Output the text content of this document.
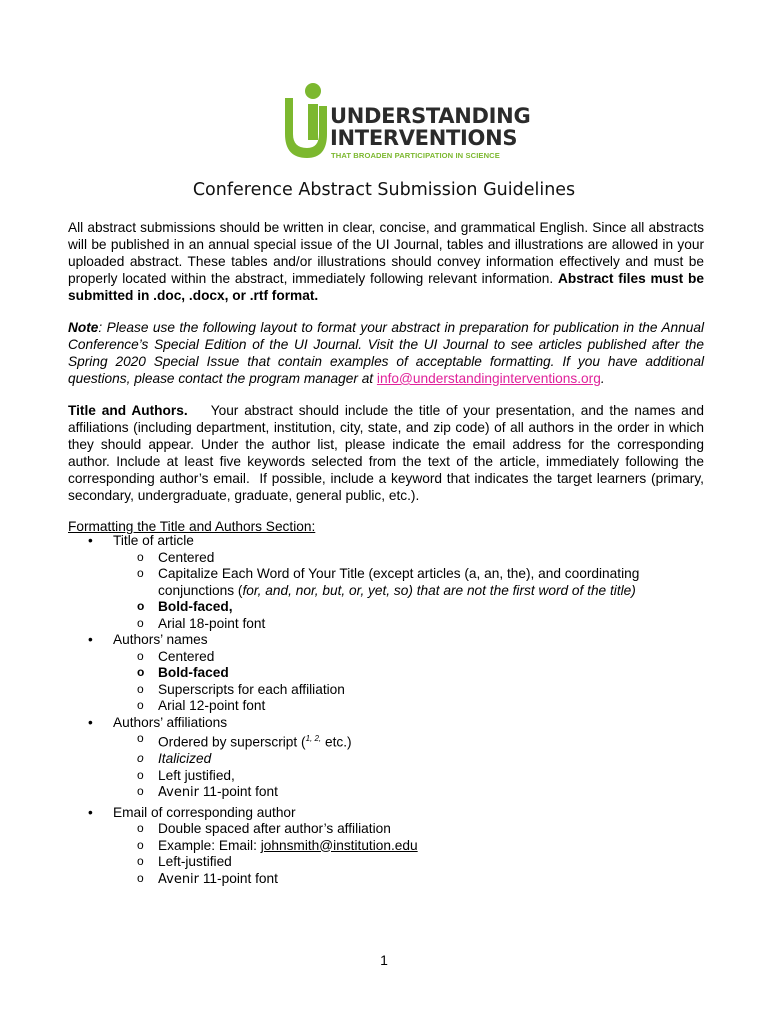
UNDERSTANDING
INTERVENTIONS
THAT BROADEN PARTICIPATION IN SCIENCE
Conference Abstract Submission Guidelines
All abstract submissions should be written in clear, concise, and grammatical English. Since all abstracts will be published in an annual special issue of the UI Journal, tables and illustrations are allowed in your uploaded abstract. These tables and/or illustrations should convey information effectively and must be properly located within the abstract, immediately following relevant information. Abstract files must be submitted in .doc, .docx, or .rtf format.
Note: Please use the following layout to format your abstract in preparation for publication in the Annual Conference’s Special Edition of the UI Journal. Visit the UI Journal to see articles published after the Spring 2020 Special Issue that contain examples of acceptable formatting. If you have additional questions, please contact the program manager at info@understandinginterventions.org.
Title and Authors.    Your abstract should include the title of your presentation, and the names and affiliations (including department, institution, city, state, and zip code) of all authors in the order in which they should appear. Under the author list, please indicate the email address for the corresponding author. Include at least five keywords selected from the text of the article, immediately following the corresponding author’s email.  If possible, include a keyword that indicates the target learners (primary, secondary, undergraduate, graduate, general public, etc.).
Formatting the Title and Authors Section:
• Title of article
o Centered
o Capitalize Each Word of Your Title (except articles (a, an, the), and coordinating conjunctions (for, and, nor, but, or, yet, so) that are not the first word of the title)
o Bold-faced,
o Arial 18-point font
• Authors’ names
o Centered
o Bold-faced
o Superscripts for each affiliation
o Arial 12-point font
• Authors’ affiliations
o Ordered by superscript ($^{1, 2,}$ etc.)
o Italicized
o Left justified,
o Avenir 11-point font
• Email of corresponding author
o Double spaced after author’s affiliation
o Example: Email: johnsmith@institution.edu
o Left-justified
o Avenir 11-point font
1
